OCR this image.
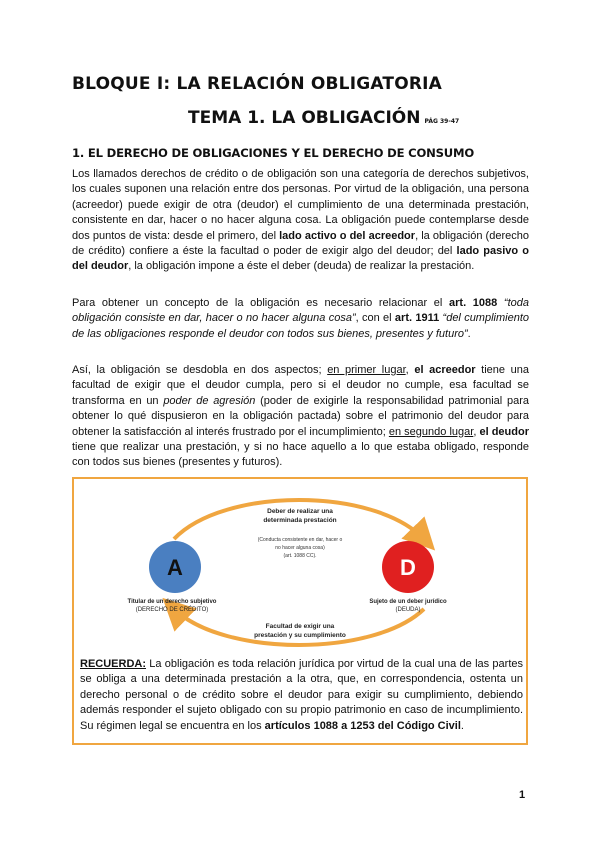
BLOQUE I: LA RELACIÓN OBLIGATORIA
TEMA 1. LA OBLIGACIÓN PÁG 39-47
1. EL DERECHO DE OBLIGACIONES Y EL DERECHO DE CONSUMO

Los llamados derechos de crédito o de obligación son una categoría de derechos subjetivos, los cuales suponen una relación entre dos personas. Por virtud de la obligación, una persona (acreedor) puede exigir de otra (deudor) el cumplimiento de una determinada prestación, consistente en dar, hacer o no hacer alguna cosa. La obligación puede contemplarse desde dos puntos de vista: desde el primero, del lado activo o del acreedor, la obligación (derecho de crédito) confiere a éste la facultad o poder de exigir algo del deudor; del lado pasivo o del deudor, la obligación impone a éste el deber (deuda) de realizar la prestación.

Para obtener un concepto de la obligación es necesario relacionar el art. 1088 “toda obligación consiste en dar, hacer o no hacer alguna cosa”, con el art. 1911 “del cumplimiento de las obligaciones responde el deudor con todos sus bienes, presentes y futuro”.

Así, la obligación se desdobla en dos aspectos; en primer lugar, el acreedor tiene una facultad de exigir que el deudor cumpla, pero si el deudor no cumple, esa facultad se transforma en un poder de agresión (poder de exigirle la responsabilidad patrimonial para obtener lo qué dispusieron en la obligación pactada) sobre el patrimonio del deudor para obtener la satisfacción al interés frustrado por el incumplimiento; en segundo lugar, el deudor tiene que realizar una prestación, y si no hace aquello a lo que estaba obligado, responde con todos sus bienes (presentes y futuros).

A	D
Deber de realizar una
determinada prestación
(Conducta consistente en dar, hacer o
no hacer alguna cosa)
(art. 1088 CC).
Titular de un derecho subjetivo
(DERECHO DE CRÉDITO)
Sujeto de un deber jurídico
(DEUDA)
Facultad de exigir una
prestación y su cumplimiento

RECUERDA: La obligación es toda relación jurídica por virtud de la cual una de las partes se obliga a una determinada prestación a la otra, que, en correspondencia, ostenta un derecho personal o de crédito sobre el deudor para exigir su cumplimiento, debiendo además responder el sujeto obligado con su propio patrimonio en caso de incumplimiento. Su régimen legal se encuentra en los artículos 1088 a 1253 del Código Civil.

1
